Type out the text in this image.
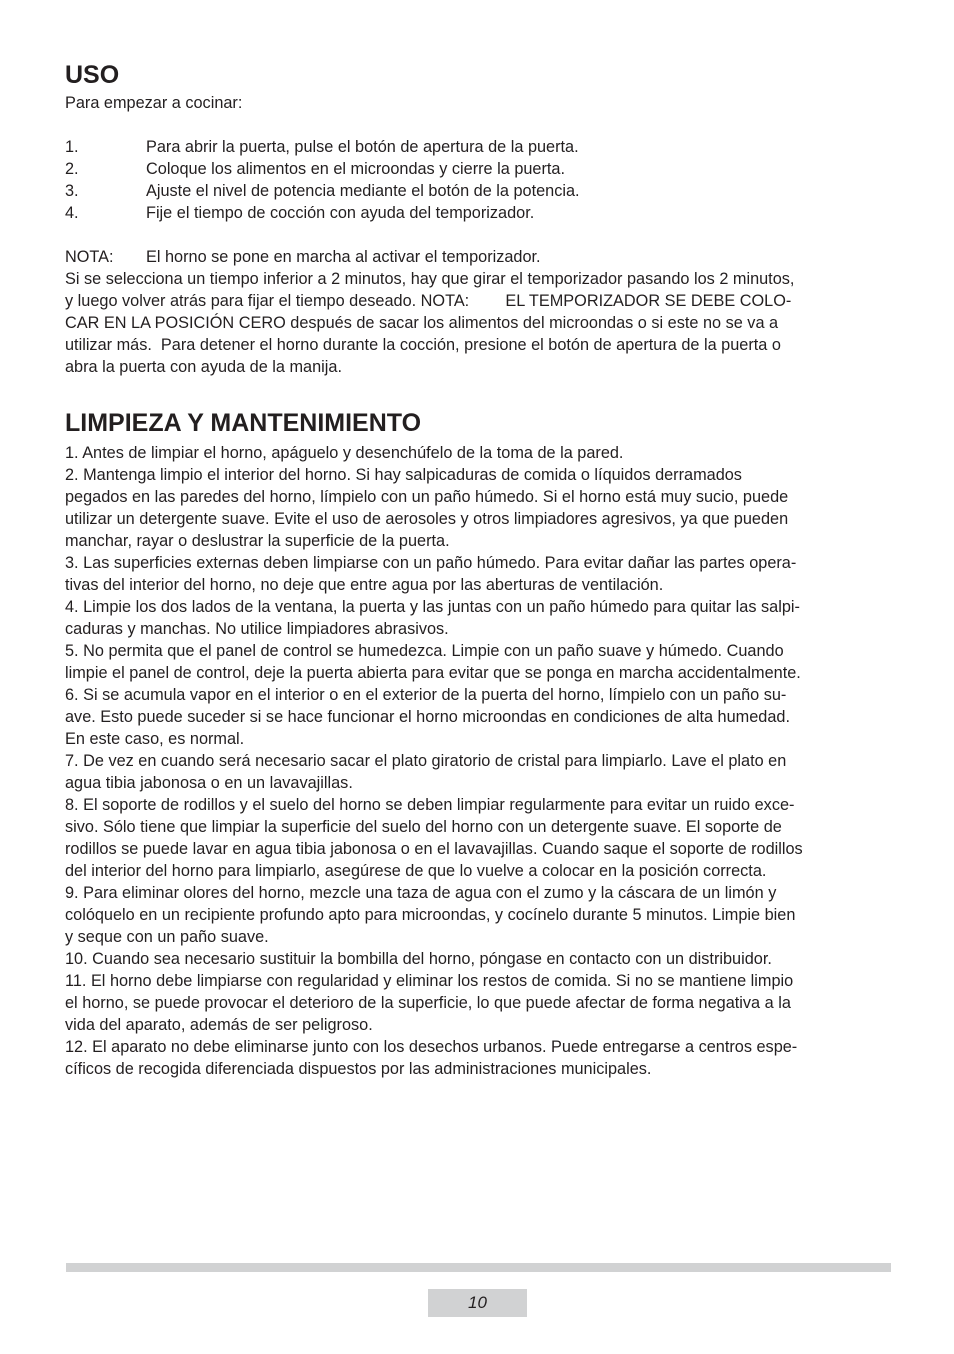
USO

Para empezar a cocinar:

1.	Para abrir la puerta, pulse el botón de apertura de la puerta.
2.	Coloque los alimentos en el microondas y cierre la puerta.
3.	Ajuste el nivel de potencia mediante el botón de la potencia.
4.	Fije el tiempo de cocción con ayuda del temporizador.
NOTA:	El horno se pone en marcha al activar el temporizador.

Si se selecciona un tiempo inferior a 2 minutos, hay que girar el temporizador pasando los 2 minutos,

y luego volver atrás para fijar el tiempo deseado. NOTA:        EL TEMPORIZADOR SE DEBE COLO-

CAR EN LA POSICIÓN CERO después de sacar los alimentos del microondas o si este no se va a

utilizar más.  Para detener el horno durante la cocción, presione el botón de apertura de la puerta o

abra la puerta con ayuda de la manija.

LIMPIEZA Y MANTENIMIENTO

1. Antes de limpiar el horno, apáguelo y desenchúfelo de la toma de la pared.

2. Mantenga limpio el interior del horno. Si hay salpicaduras de comida o líquidos derramados

pegados en las paredes del horno, límpielo con un paño húmedo. Si el horno está muy sucio, puede

utilizar un detergente suave. Evite el uso de aerosoles y otros limpiadores agresivos, ya que pueden

manchar, rayar o deslustrar la superficie de la puerta.

3. Las superficies externas deben limpiarse con un paño húmedo. Para evitar dañar las partes opera-

tivas del interior del horno, no deje que entre agua por las aberturas de ventilación.

4. Limpie los dos lados de la ventana, la puerta y las juntas con un paño húmedo para quitar las salpi-

caduras y manchas. No utilice limpiadores abrasivos.

5. No permita que el panel de control se humedezca. Limpie con un paño suave y húmedo. Cuando

limpie el panel de control, deje la puerta abierta para evitar que se ponga en marcha accidentalmente.

6. Si se acumula vapor en el interior o en el exterior de la puerta del horno, límpielo con un paño su-

ave. Esto puede suceder si se hace funcionar el horno microondas en condiciones de alta humedad.

En este caso, es normal.

7. De vez en cuando será necesario sacar el plato giratorio de cristal para limpiarlo. Lave el plato en

agua tibia jabonosa o en un lavavajillas.

8. El soporte de rodillos y el suelo del horno se deben limpiar regularmente para evitar un ruido exce-

sivo. Sólo tiene que limpiar la superficie del suelo del horno con un detergente suave. El soporte de

rodillos se puede lavar en agua tibia jabonosa o en el lavavajillas. Cuando saque el soporte de rodillos

del interior del horno para limpiarlo, asegúrese de que lo vuelve a colocar en la posición correcta.

9. Para eliminar olores del horno, mezcle una taza de agua con el zumo y la cáscara de un limón y

colóquelo en un recipiente profundo apto para microondas, y cocínelo durante 5 minutos. Limpie bien

y seque con un paño suave.

10. Cuando sea necesario sustituir la bombilla del horno, póngase en contacto con un distribuidor.

11. El horno debe limpiarse con regularidad y eliminar los restos de comida. Si no se mantiene limpio

el horno, se puede provocar el deterioro de la superficie, lo que puede afectar de forma negativa a la

vida del aparato, además de ser peligroso.

12. El aparato no debe eliminarse junto con los desechos urbanos. Puede entregarse a centros espe-

cíficos de recogida diferenciada dispuestos por las administraciones municipales.

10
